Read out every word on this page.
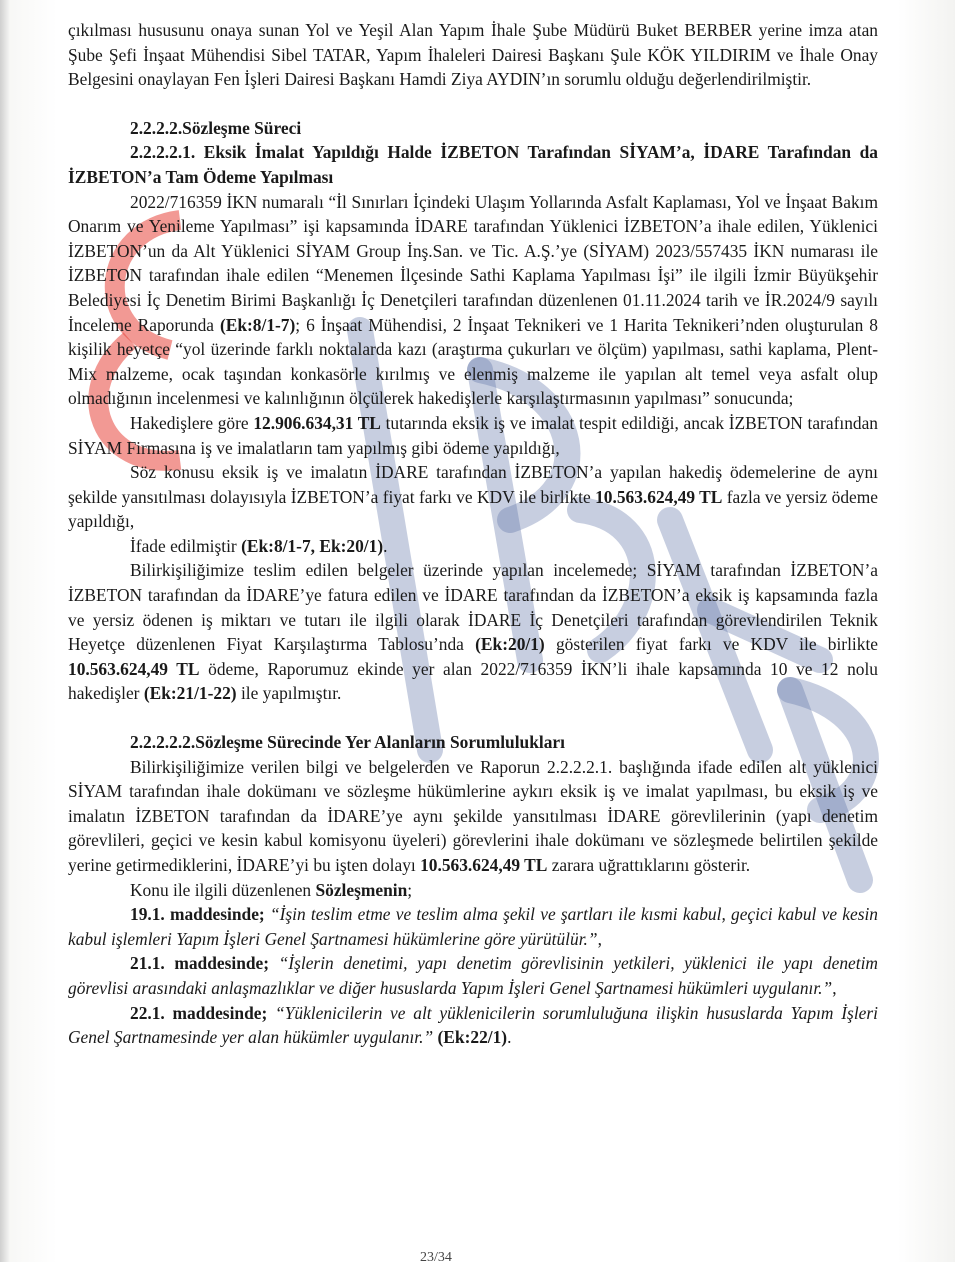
çıkılması hususunu onaya sunan Yol ve Yeşil Alan Yapım İhale Şube Müdürü Buket BERBER yerine imza atan Şube Şefi İnşaat Mühendisi Sibel TATAR, Yapım İhaleleri Dairesi Başkanı Şule KÖK YILDIRIM ve İhale Onay Belgesini onaylayan Fen İşleri Dairesi Başkanı Hamdi Ziya AYDIN’ın sorumlu olduğu değerlendirilmiştir.

2.2.2.2.Sözleşme Süreci

2.2.2.2.1. Eksik İmalat Yapıldığı Halde İZBETON Tarafından SİYAM’a, İDARE Tarafından da İZBETON’a Tam Ödeme Yapılması

2022/716359 İKN numaralı “İl Sınırları İçindeki Ulaşım Yollarında Asfalt Kaplaması, Yol ve İnşaat Bakım Onarım ve Yenileme Yapılması” işi kapsamında İDARE tarafından Yüklenici İZBETON’a ihale edilen, Yüklenici İZBETON’un da Alt Yüklenici SİYAM Group İnş.San. ve Tic. A.Ş.’ye (SİYAM) 2023/557435 İKN numarası ile İZBETON tarafından ihale edilen “Menemen İlçesinde Sathi Kaplama Yapılması İşi” ile ilgili İzmir Büyükşehir Belediyesi İç Denetim Birimi Başkanlığı İç Denetçileri tarafından düzenlenen 01.11.2024 tarih ve İR.2024/9 sayılı İnceleme Raporunda (Ek:8/1-7); 6 İnşaat Mühendisi, 2 İnşaat Teknikeri ve 1 Harita Teknikeri’nden oluşturulan 8 kişilik heyetçe “yol üzerinde farklı noktalarda kazı (araştırma çukurları ve ölçüm) yapılması, sathi kaplama, Plent-Mix malzeme, ocak taşından konkasörle kırılmış ve elenmiş malzeme ile yapılan alt temel veya asfalt olup olmadığının incelenmesi ve kalınlığının ölçülerek hakedişlerle karşılaştırmasının yapılması” sonucunda;

Hakedişlere göre 12.906.634,31 TL tutarında eksik iş ve imalat tespit edildiği, ancak İZBETON tarafından SİYAM Firmasına iş ve imalatların tam yapılmış gibi ödeme yapıldığı,

Söz konusu eksik iş ve imalatın İDARE tarafından İZBETON’a yapılan hakediş ödemelerine de aynı şekilde yansıtılması dolayısıyla İZBETON’a fiyat farkı ve KDV ile birlikte 10.563.624,49 TL fazla ve yersiz ödeme yapıldığı,

İfade edilmiştir (Ek:8/1-7, Ek:20/1).

Bilirkişiliğimize teslim edilen belgeler üzerinde yapılan incelemede; SİYAM tarafından İZBETON’a İZBETON tarafından da İDARE’ye fatura edilen ve İDARE tarafından da İZBETON’a eksik iş kapsamında fazla ve yersiz ödenen iş miktarı ve tutarı ile ilgili olarak İDARE İç Denetçileri tarafından görevlendirilen Teknik Heyetçe düzenlenen Fiyat Karşılaştırma Tablosu’nda (Ek:20/1) gösterilen fiyat farkı ve KDV ile birlikte 10.563.624,49 TL ödeme, Raporumuz ekinde yer alan 2022/716359 İKN’li ihale kapsamında 10 ve 12 nolu hakedişler (Ek:21/1-22) ile yapılmıştır.

2.2.2.2.2.Sözleşme Sürecinde Yer Alanların Sorumlulukları

Bilirkişiliğimize verilen bilgi ve belgelerden ve Raporun 2.2.2.2.1. başlığında ifade edilen alt yüklenici SİYAM tarafından ihale dokümanı ve sözleşme hükümlerine aykırı eksik iş ve imalat yapılması, bu eksik iş ve imalatın İZBETON tarafından da İDARE’ye aynı şekilde yansıtılması İDARE görevlilerinin (yapı denetim görevlileri, geçici ve kesin kabul komisyonu üyeleri) görevlerini ihale dokümanı ve sözleşmede belirtilen şekilde yerine getirmediklerini, İDARE’yi bu işten dolayı 10.563.624,49 TL zarara uğrattıklarını gösterir.

Konu ile ilgili düzenlenen Sözleşmenin;

19.1. maddesinde; “İşin teslim etme ve teslim alma şekil ve şartları ile kısmi kabul, geçici kabul ve kesin kabul işlemleri Yapım İşleri Genel Şartnamesi hükümlerine göre yürütülür.”,

21.1. maddesinde; “İşlerin denetimi, yapı denetim görevlisinin yetkileri, yüklenici ile yapı denetim görevlisi arasındaki anlaşmazlıklar ve diğer hususlarda Yapım İşleri Genel Şartnamesi hükümleri uygulanır.”,

22.1. maddesinde; “Yüklenicilerin ve alt yüklenicilerin sorumluluğuna ilişkin hususlarda Yapım İşleri Genel Şartnamesinde yer alan hükümler uygulanır.” (Ek:22/1).

23/34
